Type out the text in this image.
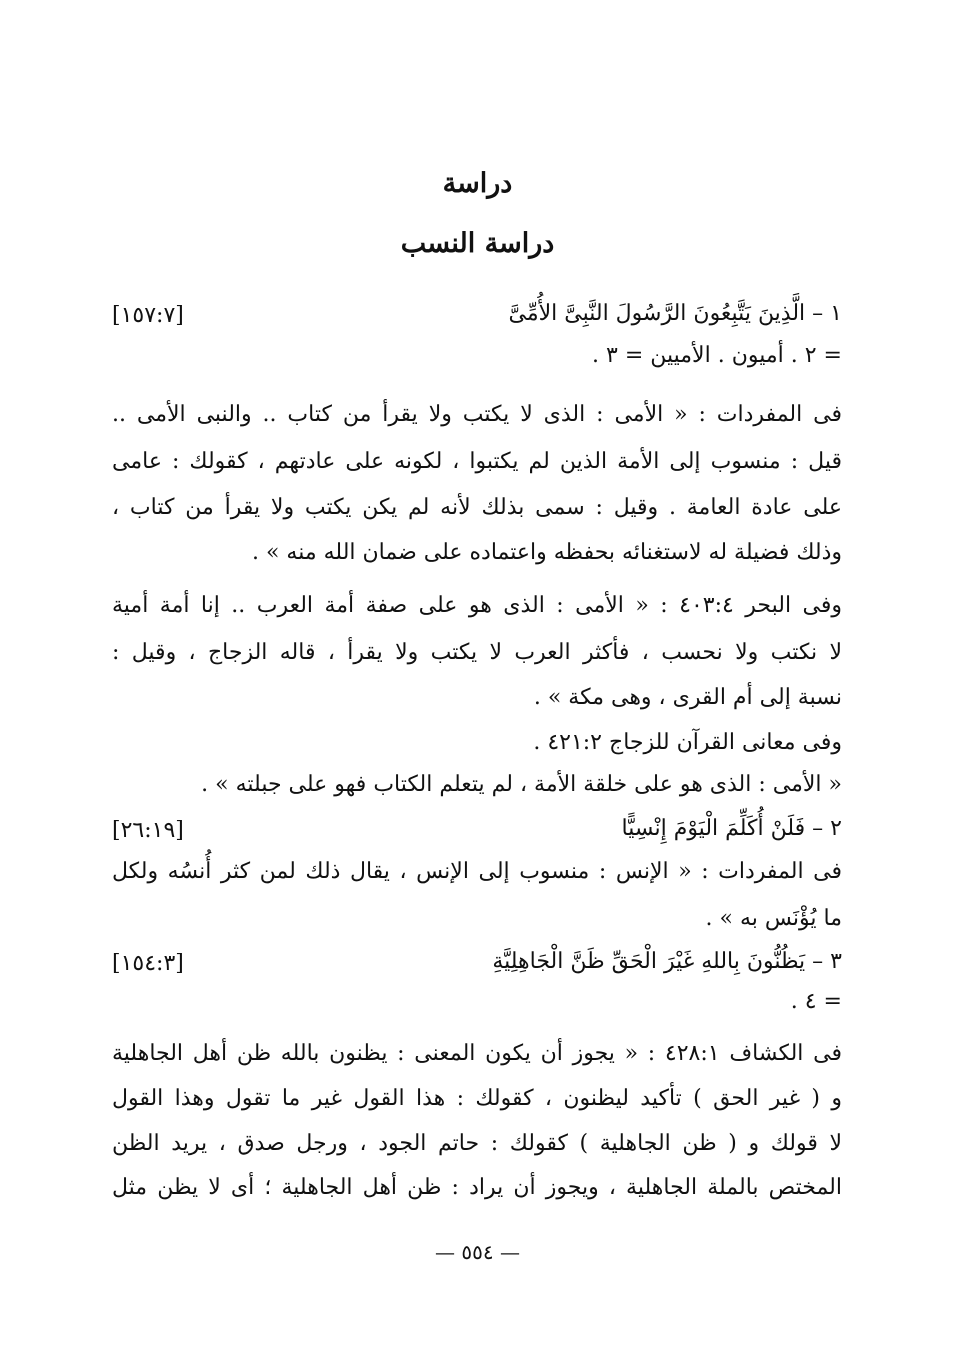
دراسة
دراسة النسب
١ – الَّذِينَ يَتَّبِعُونَ الرَّسُولَ النَّبِىَّ الأُمِّىَّ
[١٥٧:٧]
= ٢ . أميون . الأميين = ٣ .
فى المفردات : « الأمى : الذى لا يكتب ولا يقرأ من كتاب .. والنبى الأمى ..
قيل : منسوب إلى الأمة الذين لم يكتبوا ، لكونه على عادتهم ، كقولك : عامى
على عادة العامة . وقيل : سمى بذلك لأنه لم يكن يكتب ولا يقرأ من كتاب ،
وذلك فضيلة له لاستغنائه بحفظه واعتماده على ضمان الله منه » .
وفى البحر ٤٠٣:٤ : « الأمى : الذى هو على صفة أمة العرب .. إنا أمة أمية
لا نكتب ولا نحسب ، فأكثر العرب لا يكتب ولا يقرأ ، قاله الزجاج ، وقيل :
نسبة إلى أم القرى ، وهى مكة » .
وفى معانى القرآن للزجاج ٤٢١:٢ .
« الأمى : الذى هو على خلقة الأمة ، لم يتعلم الكتاب فهو على جبلته » .
٢ – فَلَنْ أُكَلِّمَ الْيَوْمَ إِنْسِيًّا
[٢٦:١٩]
فى المفردات : « الإنس : منسوب إلى الإنس ، يقال ذلك لمن كثر أُنسُه ولكل
ما يُؤْنَس به » .
٣ – يَظُنُّونَ بِاللهِ غَيْرَ الْحَقِّ ظَنَّ الْجَاهِلِيَّةِ
[١٥٤:٣]
= ٤ .
فى الكشاف ٤٢٨:١ : « يجوز أن يكون المعنى : يظنون بالله ظن أهل الجاهلية
و ( غير الحق ) تأكيد ليظنون ، كقولك : هذا القول غير ما تقول وهذا القول
لا قولك و ( ظن الجاهلية ) كقولك : حاتم الجود ، ورجل صدق ، يريد الظن
المختص بالملة الجاهلية ، ويجوز أن يراد : ظن أهل الجاهلية ؛ أى لا يظن مثل
— ٥٥٤ —
